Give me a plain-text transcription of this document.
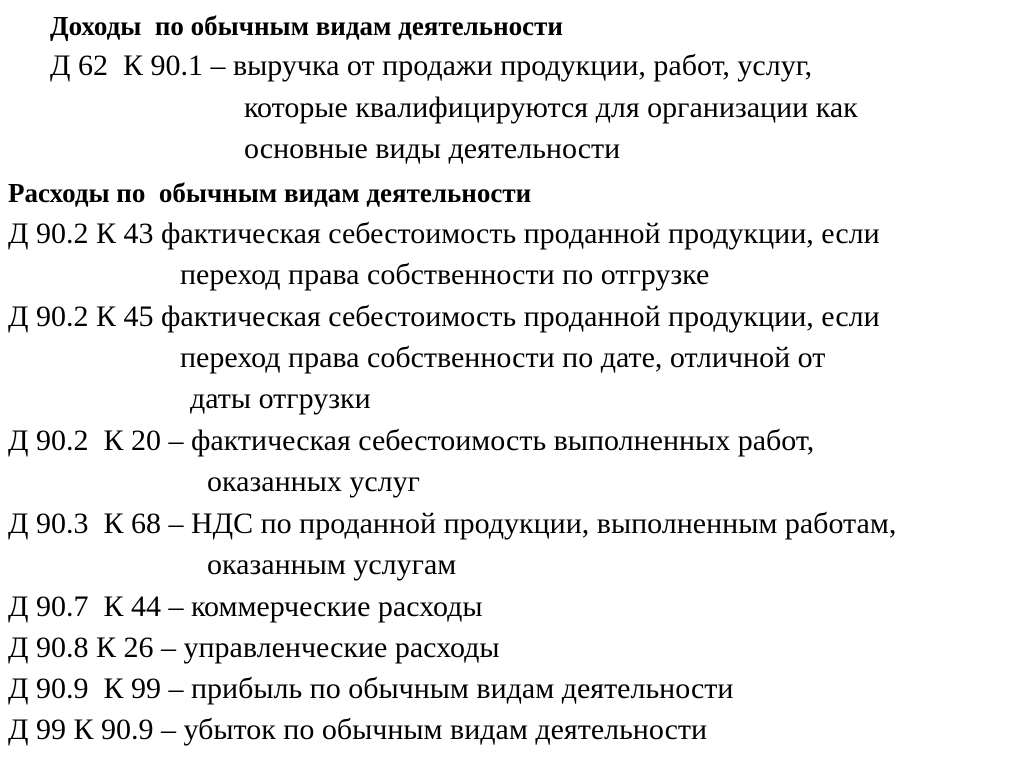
Доходы  по обычным видам деятельности

Д 62  К 90.1 – выручка от продажи продукции, работ, услуг,

которые квалифицируются для организации как

основные виды деятельности

Расходы по  обычным видам деятельности

Д 90.2 К 43 фактическая себестоимость проданной продукции, если

переход права собственности по отгрузке

Д 90.2 К 45 фактическая себестоимость проданной продукции, если

переход права собственности по дате, отличной от

даты отгрузки

Д 90.2  К 20 – фактическая себестоимость выполненных работ,

оказанных услуг

Д 90.3  К 68 – НДС по проданной продукции, выполненным работам,

оказанным услугам

Д 90.7  К 44 – коммерческие расходы

Д 90.8 К 26 – управленческие расходы

Д 90.9  К 99 – прибыль по обычным видам деятельности

Д 99 К 90.9 – убыток по обычным видам деятельности
